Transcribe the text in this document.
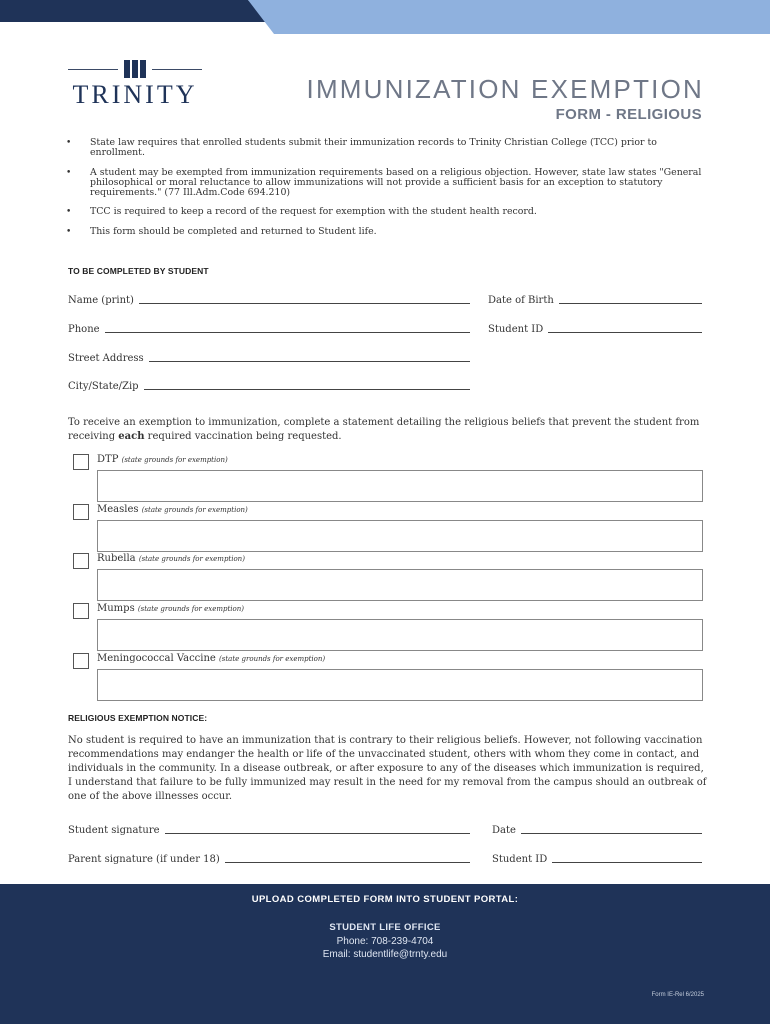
TRINITY	IMMUNIZATION EXEMPTION
FORM - RELIGIOUS
• State law requires that enrolled students submit their immunization records to Trinity Christian College (TCC) prior to enrollment.
• A student may be exempted from immunization requirements based on a religious objection. However, state law states "General philosophical or moral reluctance to allow immunizations will not provide a sufficient basis for an exception to statutory requirements." (77 Ill.Adm.Code 694.210)
• TCC is required to keep a record of the request for exemption with the student health record.
• This form should be completed and returned to Student life.
TO BE COMPLETED BY STUDENT
Name (print)	Date of Birth
Phone	Student ID
Street Address
City/State/Zip

To receive an exemption to immunization, complete a statement detailing the religious beliefs that prevent the student from receiving each required vaccination being requested.

DTP (state grounds for exemption)
Measles (state grounds for exemption)
Rubella (state grounds for exemption)
Mumps (state grounds for exemption)
Meningococcal Vaccine (state grounds for exemption)
RELIGIOUS EXEMPTION NOTICE:

No student is required to have an immunization that is contrary to their religious beliefs. However, not following vaccination recommendations may endanger the health or life of the unvaccinated student, others with whom they come in contact, and individuals in the community. In a disease outbreak, or after exposure to any of the diseases which immunization is required, I understand that failure to be fully immunized may result in the need for my removal from the campus should an outbreak of one of the above illnesses occur.

Student signature	Date
Parent signature (if under 18)	Student ID
UPLOAD COMPLETED FORM INTO STUDENT PORTAL:
STUDENT LIFE OFFICE
Phone: 708-239-4704
Email: studentlife@trnty.edu
Form IE-Rel 6/2025
